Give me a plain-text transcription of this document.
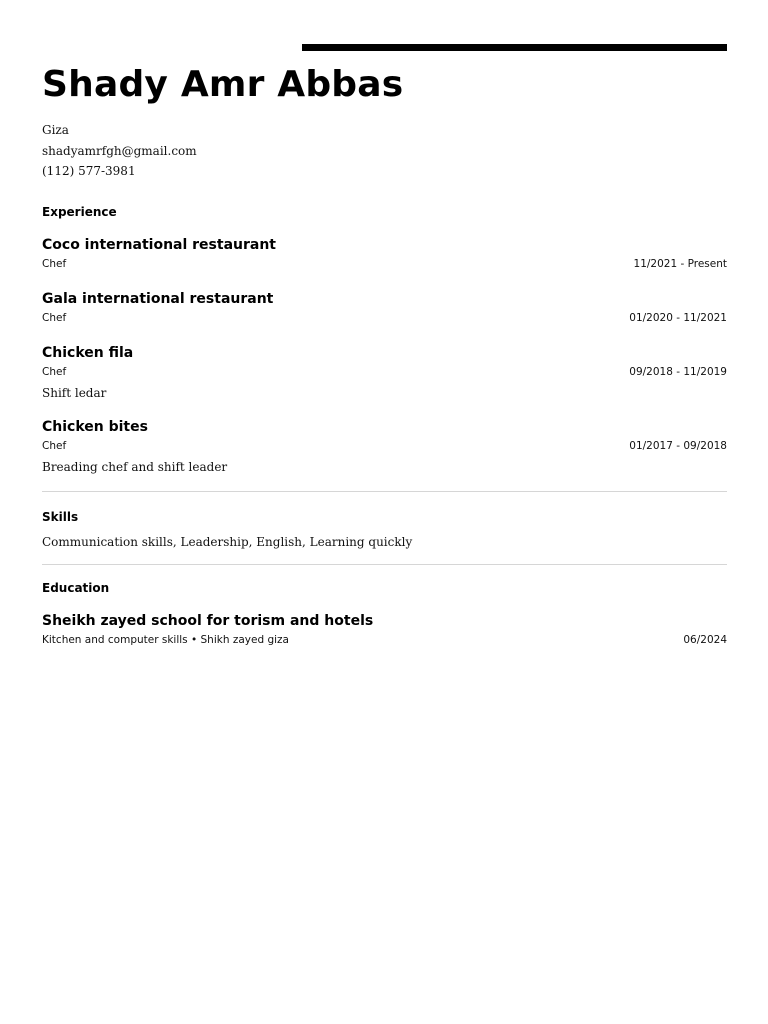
Shady Amr Abbas
Giza
shadyamrfgh@gmail.com
(112) 577-3981
Experience
Coco international restaurant
Chef	11/2021 - Present
Gala international restaurant
Chef	01/2020 - 11/2021
Chicken fila
Chef	09/2018 - 11/2019
Shift ledar
Chicken bites
Chef	01/2017 - 09/2018
Breading chef and shift leader
Skills
Communication skills, Leadership, English, Learning quickly
Education
Sheikh zayed school for torism and hotels
Kitchen and computer skills • Shikh zayed giza	06/2024
